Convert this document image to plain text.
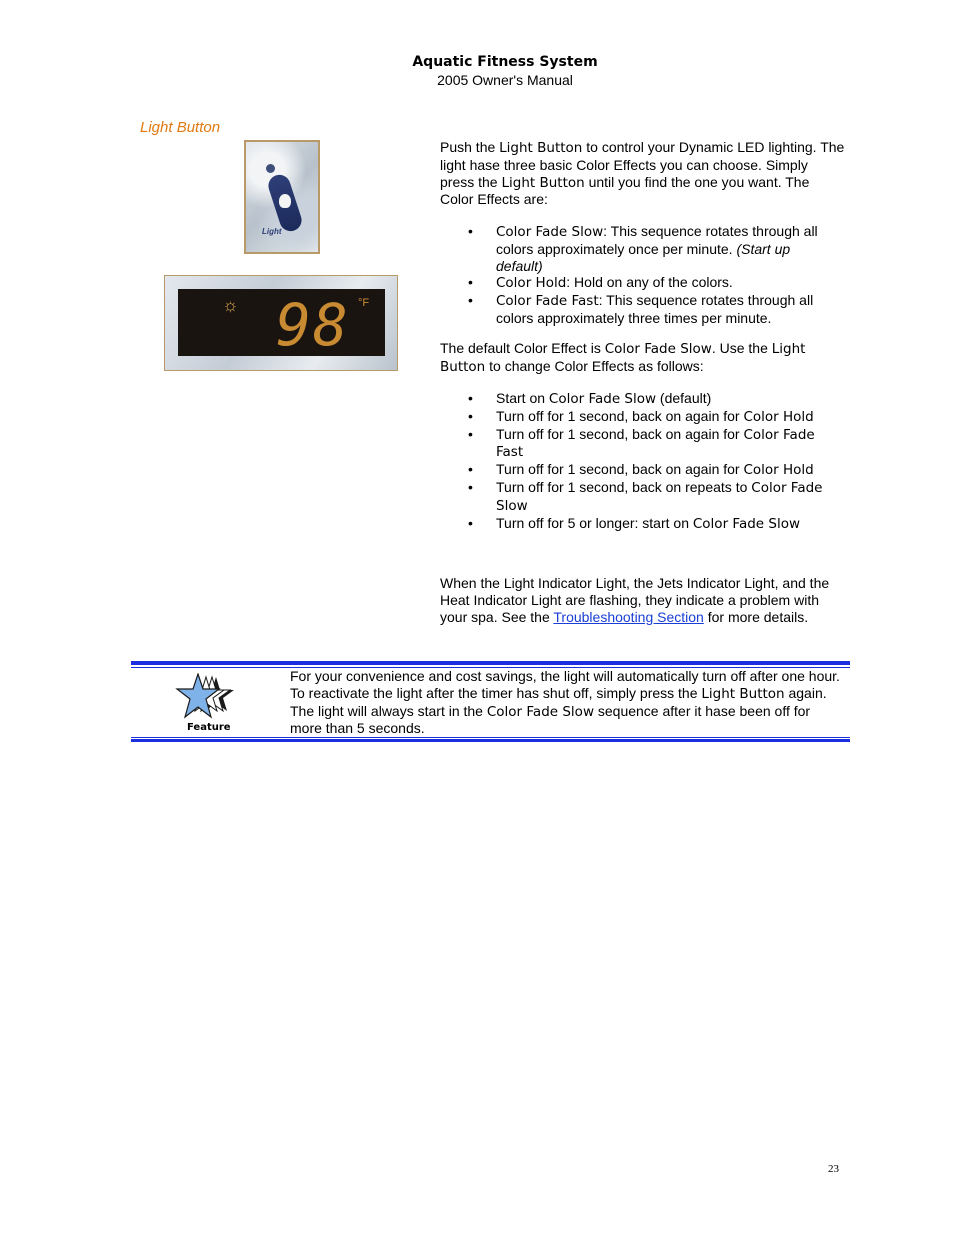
Aquatic Fitness System
2005 Owner's Manual
Light Button
Light
☼ 98 °F
Push the Light Button to control your Dynamic LED lighting. The light hase three basic Color Effects you can choose. Simply press the Light Button until you find the one you want. The Color Effects are:
• Color Fade Slow: This sequence rotates through all colors approximately once per minute. (Start up default)
• Color Hold: Hold on any of the colors.
• Color Fade Fast: This sequence rotates through all colors approximately three times per minute.
The default Color Effect is Color Fade Slow. Use the Light Button to change Color Effects as follows:
• Start on Color Fade Slow (default)
• Turn off for 1 second, back on again for Color Hold
• Turn off for 1 second, back on again for Color Fade Fast
• Turn off for 1 second, back on again for Color Hold
• Turn off for 1 second, back on repeats to Color Fade Slow
• Turn off for 5 or longer: start on Color Fade Slow
When the Light Indicator Light, the Jets Indicator Light, and the Heat Indicator Light are flashing, they indicate a problem with your spa. See the Troubleshooting Section for more details.
Feature
For your convenience and cost savings, the light will automatically turn off after one hour. To reactivate the light after the timer has shut off, simply press the Light Button again. The light will always start in the Color Fade Slow sequence after it hase been off for more than 5 seconds.
23
